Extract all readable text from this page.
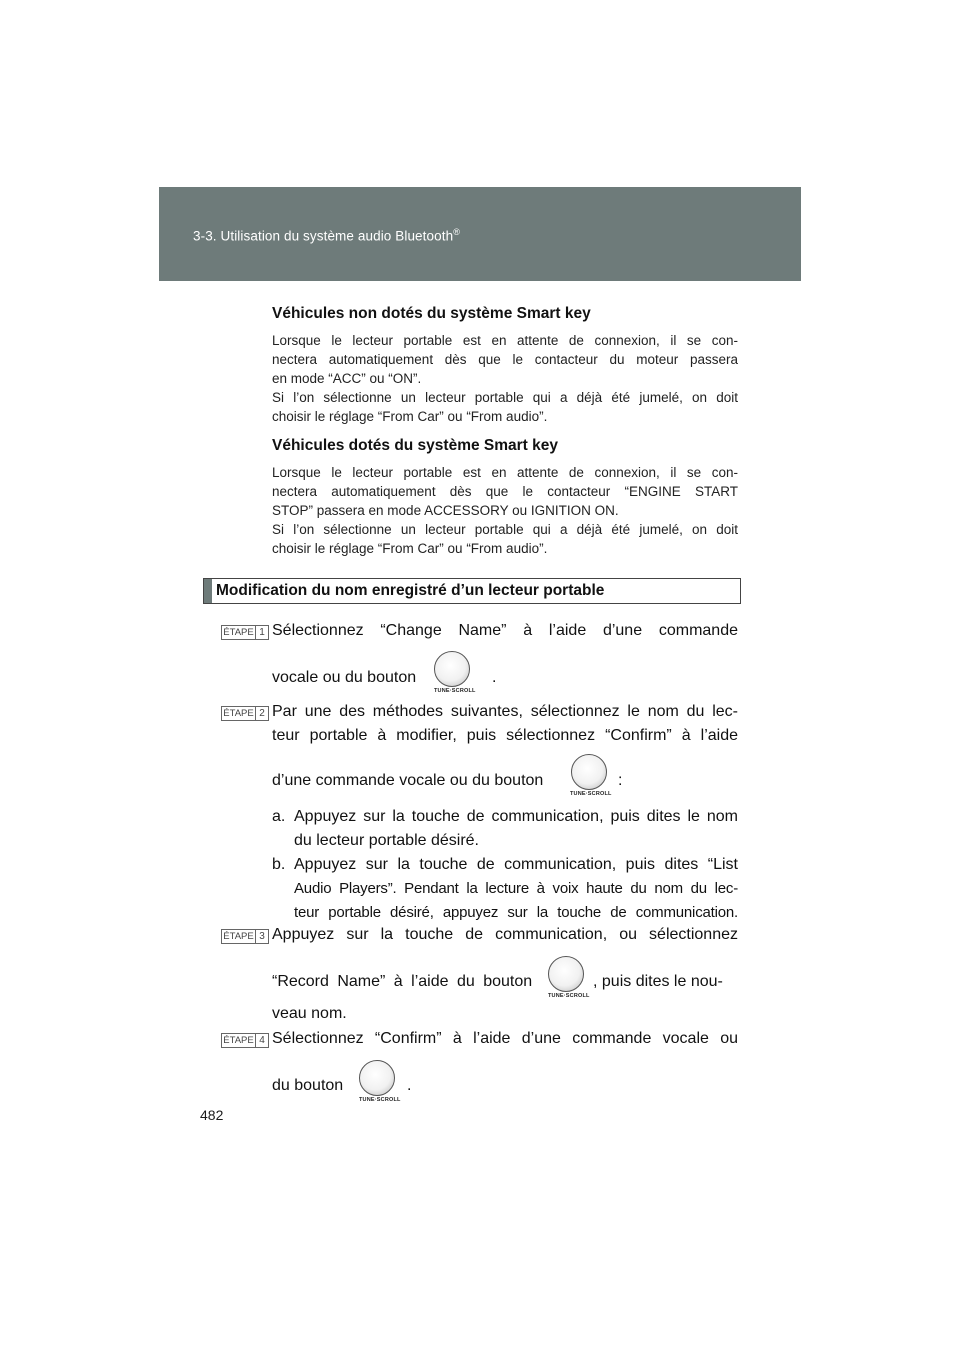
3-3. Utilisation du système audio Bluetooth®
Véhicules non dotés du système Smart key
Lorsque le lecteur portable est en attente de connexion, il se con-
nectera automatiquement dès que le contacteur du moteur passera
en mode “ACC” ou “ON”.
Si l’on sélectionne un lecteur portable qui a déjà été jumelé, on doit
choisir le réglage “From Car” ou “From audio”.
Véhicules dotés du système Smart key
Lorsque le lecteur portable est en attente de connexion, il se con-
nectera automatiquement dès que le contacteur “ENGINE START
STOP” passera en mode ACCESSORY ou IGNITION ON.
Si l’on sélectionne un lecteur portable qui a déjà été jumelé, on doit
choisir le réglage “From Car” ou “From audio”.
Modification du nom enregistré d’un lecteur portable
ÉTAPE 1 Sélectionnez “Change Name” à l’aide d’une commande
vocale ou du bouton	.
TUNE·SCROLL
ÉTAPE 2 Par une des méthodes suivantes, sélectionnez le nom du lec-
teur portable à modifier, puis sélectionnez “Confirm” à l’aide
d’une commande vocale ou du bouton	:
TUNE·SCROLL
a. Appuyez sur la touche de communication, puis dites le nom
du lecteur portable désiré.
b. Appuyez sur la touche de communication, puis dites “List
Audio Players”. Pendant la lecture à voix haute du nom du lec-
teur portable désiré, appuyez sur la touche de communication.
ÉTAPE 3 Appuyez sur la touche de communication, ou sélectionnez
“Record Name” à l’aide du bouton	, puis dites le nou-
veau nom.
TUNE·SCROLL
ÉTAPE 4 Sélectionnez “Confirm” à l’aide d’une commande vocale ou
du bouton	.
TUNE·SCROLL
482
